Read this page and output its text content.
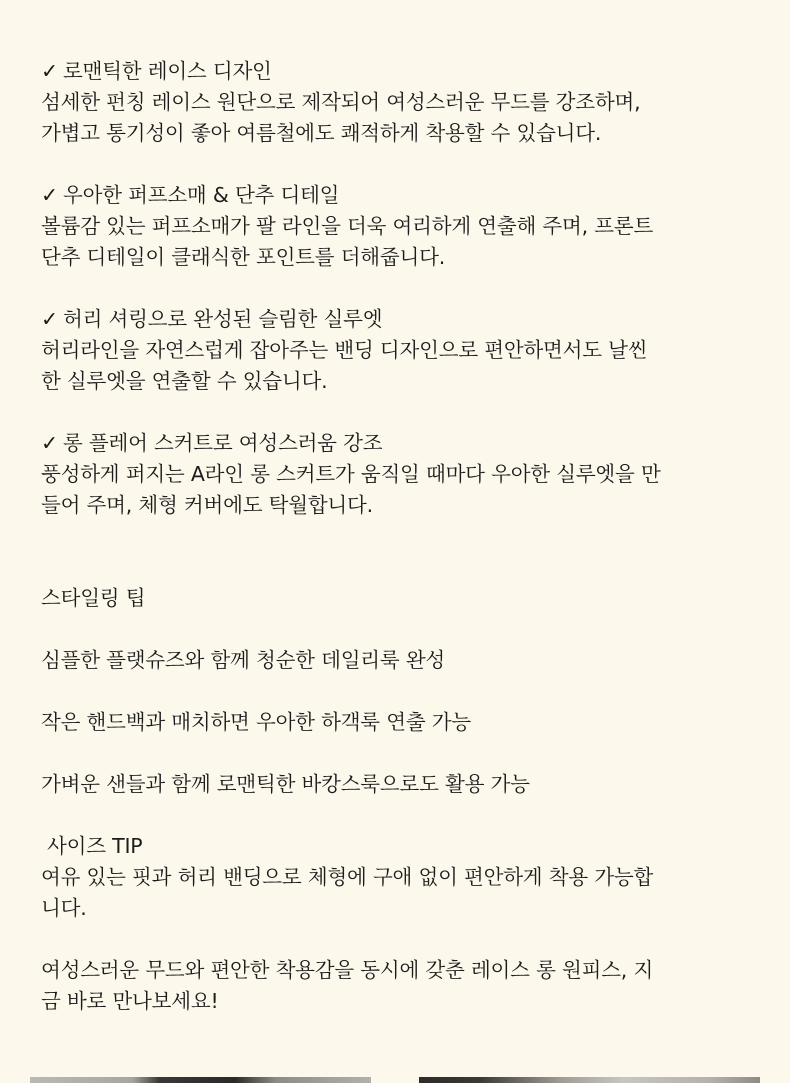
✓ 로맨틱한 레이스 디자인

섬세한 펀칭 레이스 원단으로 제작되어 여성스러운 무드를 강조하며,

가볍고 통기성이 좋아 여름철에도 쾌적하게 착용할 수 있습니다.

✓ 우아한 퍼프소매 & 단추 디테일

볼륨감 있는 퍼프소매가 팔 라인을 더욱 여리하게 연출해 주며, 프론트

단추 디테일이 클래식한 포인트를 더해줍니다.

✓ 허리 셔링으로 완성된 슬림한 실루엣

허리라인을 자연스럽게 잡아주는 밴딩 디자인으로 편안하면서도 날씬

한 실루엣을 연출할 수 있습니다.

✓ 롱 플레어 스커트로 여성스러움 강조

풍성하게 퍼지는 A라인 롱 스커트가 움직일 때마다 우아한 실루엣을 만

들어 주며, 체형 커버에도 탁월합니다.

스타일링 팁

심플한 플랫슈즈와 함께 청순한 데일리룩 완성

작은 핸드백과 매치하면 우아한 하객룩 연출 가능

가벼운 샌들과 함께 로맨틱한 바캉스룩으로도 활용 가능

사이즈 TIP

여유 있는 핏과 허리 밴딩으로 체형에 구애 없이 편안하게 착용 가능합

니다.

여성스러운 무드와 편안한 착용감을 동시에 갖춘 레이스 롱 원피스, 지

금 바로 만나보세요!
